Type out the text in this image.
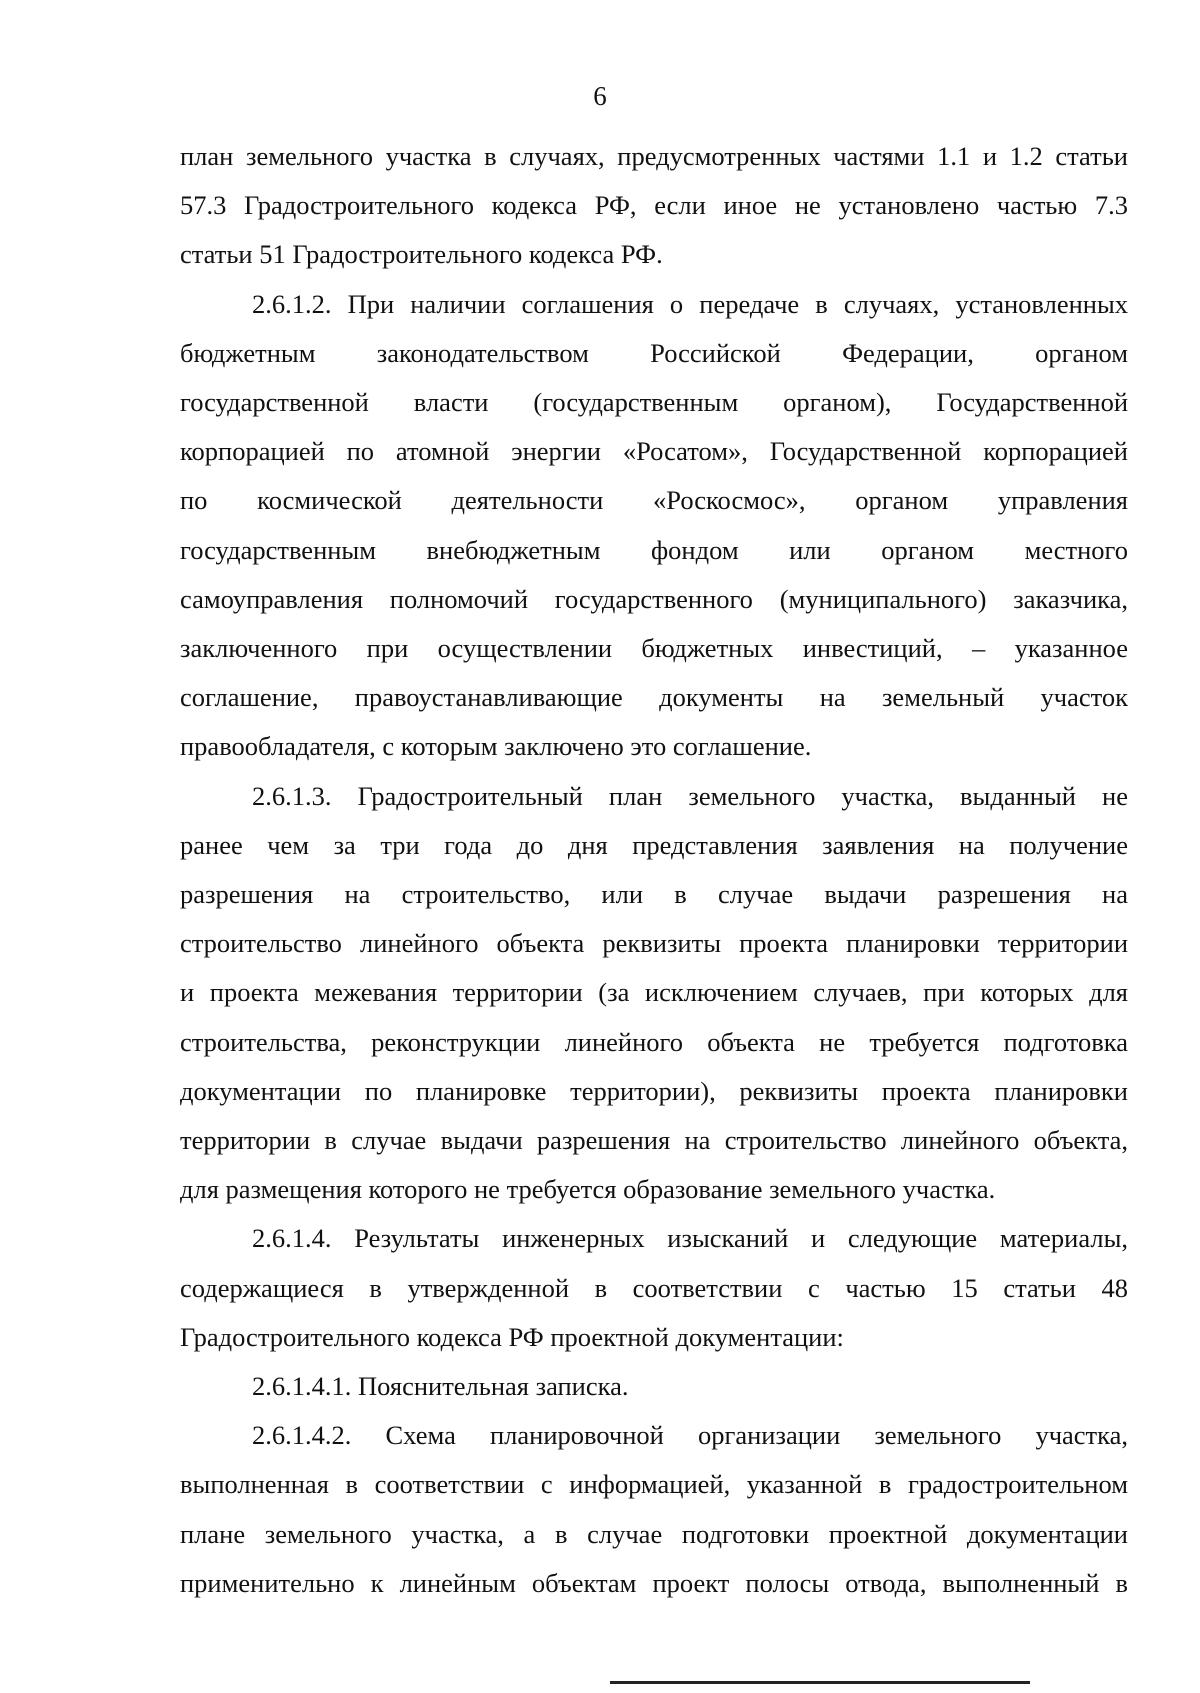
6
план земельного участка в случаях, предусмотренных частями 1.1 и 1.2 статьи
57.3 Градостроительного кодекса РФ, если иное не установлено частью 7.3
статьи 51 Градостроительного кодекса РФ.
2.6.1.2. При наличии соглашения о передаче в случаях, установленных
бюджетным законодательством Российской Федерации, органом
государственной власти (государственным органом), Государственной
корпорацией по атомной энергии «Росатом», Государственной корпорацией
по космической деятельности «Роскосмос», органом управления
государственным внебюджетным фондом или органом местного
самоуправления полномочий государственного (муниципального) заказчика,
заключенного при осуществлении бюджетных инвестиций, – указанное
соглашение, правоустанавливающие документы на земельный участок
правообладателя, с которым заключено это соглашение.
2.6.1.3. Градостроительный план земельного участка, выданный не
ранее чем за три года до дня представления заявления на получение
разрешения на строительство, или в случае выдачи разрешения на
строительство линейного объекта реквизиты проекта планировки территории
и проекта межевания территории (за исключением случаев, при которых для
строительства, реконструкции линейного объекта не требуется подготовка
документации по планировке территории), реквизиты проекта планировки
территории в случае выдачи разрешения на строительство линейного объекта,
для размещения которого не требуется образование земельного участка.
2.6.1.4. Результаты инженерных изысканий и следующие материалы,
содержащиеся в утвержденной в соответствии с частью 15 статьи 48
Градостроительного кодекса РФ проектной документации:
2.6.1.4.1. Пояснительная записка.
2.6.1.4.2. Схема планировочной организации земельного участка,
выполненная в соответствии с информацией, указанной в градостроительном
плане земельного участка, а в случае подготовки проектной документации
применительно к линейным объектам проект полосы отвода, выполненный в
